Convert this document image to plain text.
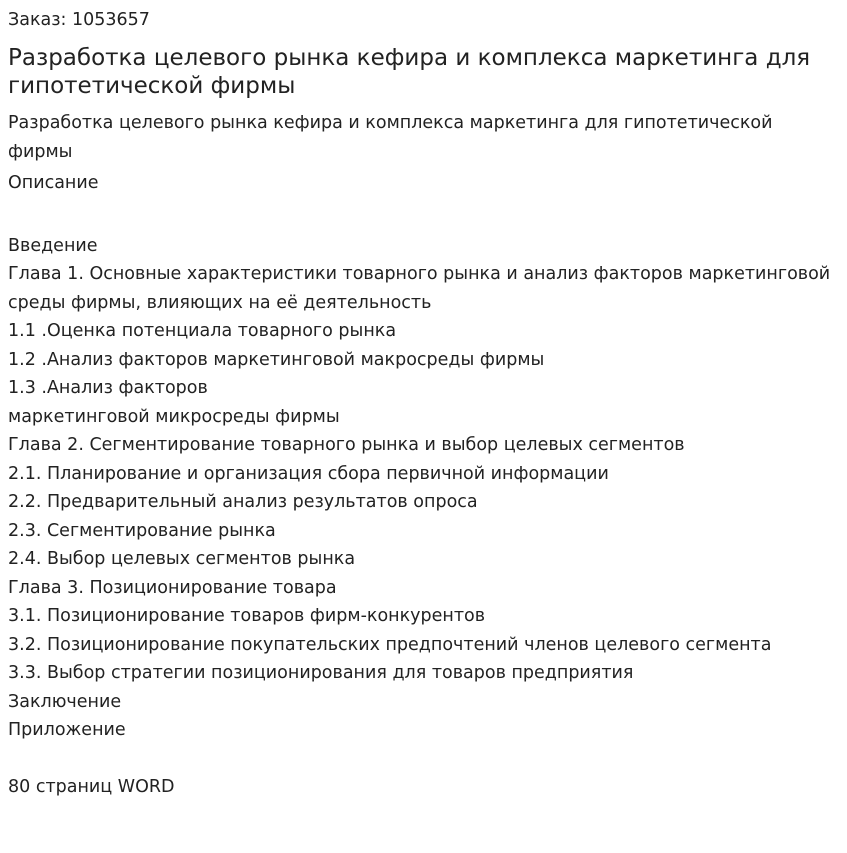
Заказ: 1053657
Разработка целевого рынка кефира и комплекса маркетинга для гипотетической фирмы
Разработка целевого рынка кефира и комплекса маркетинга для гипотетической фирмы
Описание
Введение
Глава 1. Основные характеристики товарного рынка и анализ факторов маркетинговой среды фирмы, влияющих на её деятельность
1.1 .Оценка потенциала товарного рынка
1.2 .Анализ факторов маркетинговой макросреды фирмы
1.3 .Анализ факторов
маркетинговой микросреды фирмы
Глава 2. Сегментирование товарного рынка и выбор целевых сегментов
2.1. Планирование и организация сбора первичной информации
2.2. Предварительный анализ результатов опроса
2.3. Сегментирование рынка
2.4. Выбор целевых сегментов рынка
Глава 3. Позиционирование товара
3.1. Позиционирование товаров фирм-конкурентов
3.2. Позиционирование покупательских предпочтений членов целевого сегмента
3.3. Выбор стратегии позиционирования для товаров предприятия
Заключение
Приложение
80 страниц WORD
